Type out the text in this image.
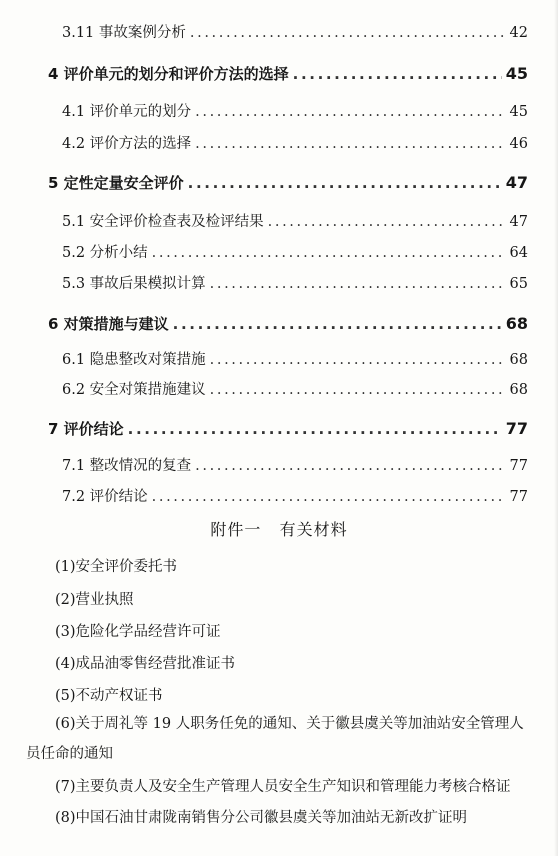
3.11 事故案例分析 .....	42
4 评价单元的划分和评价方法的选择 .....	45
4.1 评价单元的划分 .....	45
4.2 评价方法的选择 .....	46
5 定性定量安全评价 .....	47
5.1 安全评价检查表及检评结果 .....	47
5.2 分析小结 .....	64
5.3 事故后果模拟计算 .....	65
6 对策措施与建议 .....	68
6.1 隐患整改对策措施 .....	68
6.2 安全对策措施建议 .....	68
7 评价结论 .....	77
7.1 整改情况的复查 .....	77
7.2 评价结论 .....	77
附件一   有关材料
(1)安全评价委托书
(2)营业执照
(3)危险化学品经营许可证
(4)成品油零售经营批准证书
(5)不动产权证书
(6)关于周礼等 19 人职务任免的通知、关于徽县虞关等加油站安全管理人员任命的通知
(7)主要负责人及安全生产管理人员安全生产知识和管理能力考核合格证
(8)中国石油甘肃陇南销售分公司徽县虞关等加油站无新改扩证明
